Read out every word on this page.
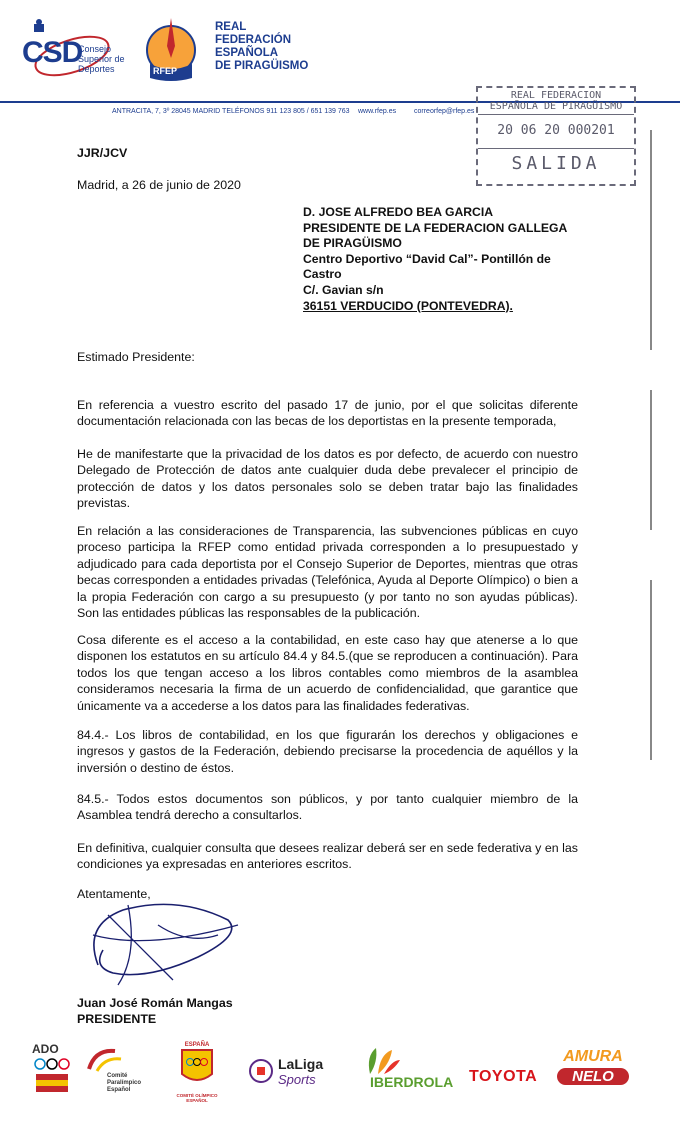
CSD
Consejo
Superior de
Deportes	RFEP
REAL
FEDERACIÓN
ESPAÑOLA
DE PIRAGÜISMO
ANTRACITA, 7, 3º 28045 MADRID TELÉFONOS 911 123 805 / 651 139 763 www.rfep.es	correorfep@rfep.es
REAL FEDERACION
ESPAÑOLA DE PIRAGÜISMO
20 06 20 000201
SALIDA
JJR/JCV
Madrid, a 26 de junio de 2020
D. JOSE ALFREDO BEA GARCIA
PRESIDENTE DE LA FEDERACION GALLEGA
DE PIRAGÜISMO
Centro Deportivo “David Cal”- Pontillón de
Castro
C/. Gavian s/n
36151 VERDUCIDO (PONTEVEDRA).
Estimado Presidente:
En referencia a vuestro escrito del pasado 17 de junio, por el que solicitas diferente documentación relacionada con las becas de los deportistas en la presente temporada,
He de manifestarte que la privacidad de los datos es por defecto, de acuerdo con nuestro Delegado de Protección de datos ante cualquier duda debe prevalecer el principio de protección de datos y los datos personales solo se deben tratar bajo las finalidades previstas.
En relación a las consideraciones de Transparencia, las subvenciones públicas en cuyo proceso participa la RFEP como entidad privada corresponden a lo presupuestado y adjudicado para cada deportista por el Consejo Superior de Deportes, mientras que otras becas corresponden a entidades privadas (Telefónica, Ayuda al Deporte Olímpico) o bien a la propia Federación con cargo a su presupuesto (y por tanto no son ayudas públicas). Son las entidades públicas las responsables de la publicación.
Cosa diferente es el acceso a la contabilidad, en este caso hay que atenerse a lo que disponen los estatutos en su artículo 84.4 y 84.5.(que se reproducen a continuación). Para todos los que tengan acceso a los libros contables como miembros de la asamblea consideramos necesaria la firma de un acuerdo de confidencialidad, que garantice que únicamente va a accederse a los datos para las finalidades federativas.
84.4.- Los libros de contabilidad, en los que figurarán los derechos y obligaciones e ingresos y gastos de la Federación, debiendo precisarse la procedencia de aquéllos y la inversión o destino de éstos.
84.5.- Todos estos documentos son públicos, y por tanto cualquier miembro de la Asamblea tendrá derecho a consultarlos.
En definitiva, cualquier consulta que desees realizar deberá ser en sede federativa y en las condiciones ya expresadas en anteriores escritos.
Atentamente,
Juan José Román Mangas
PRESIDENTE
ADO
Comité
Paralímpico
Español
ESPAÑA
COMITÉ OLÍMPICO ESPAÑOL
LaLiga
Sports	IBERDROLA TOYOTA
AMURA
NELO
